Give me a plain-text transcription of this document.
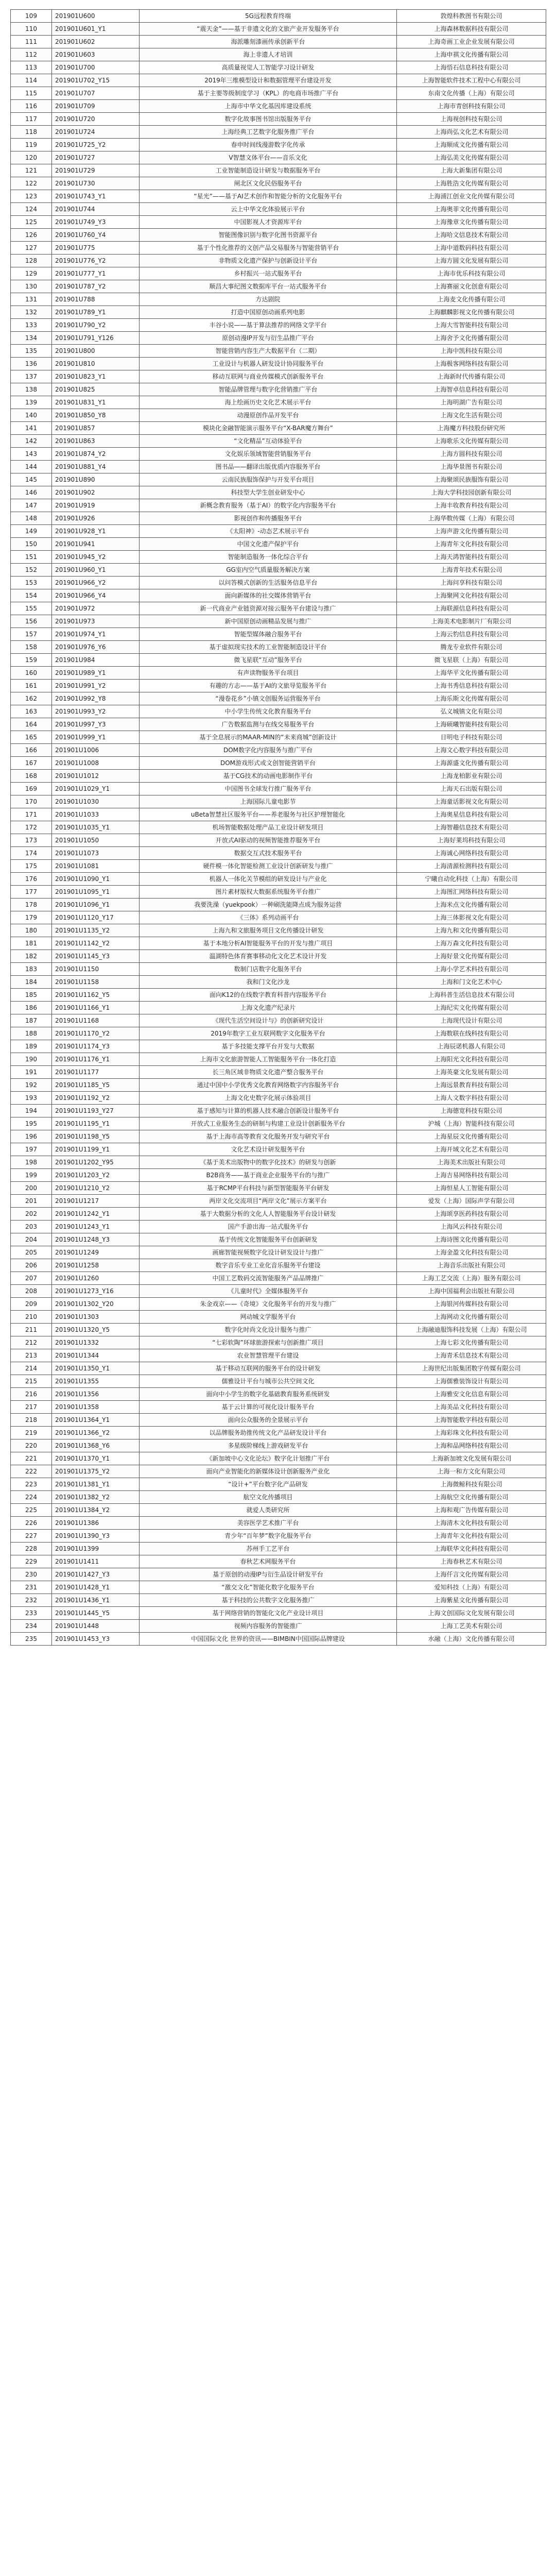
109	201901U600	5G远程教育终端	敦煌科教图书有限公司
110	201901U601_Y1	“震天金”——基于非遗文化的文旅产业开发服务平台	上海森林数据科技有限公司
111	201901U602	海派雕刻漆画传承创新平台	上海奇画工业企业发展有限公司
112	201901U603	海上非遗人才培训	上海申祺文化传播有限公司
113	201901U700	高质量视觉人工智能学习设计研发	上海悟石信息科技有限公司
114	201901U702_Y15	2019年三维模型设计和数据管理平台建设开发	上海智能软件技术工程中心有限公司
115	201901U707	基于主要等级制度学习（KPL）的电商市场推广平台	东南文化传播（上海）有限公司
116	201901U709	上海市中华文化基因库建设系统	上海市青创科技有限公司
117	201901U720	数字化故事图书馆出版服务平台	上海视创科技有限公司
118	201901U724	上海经典工艺数字化服务推广平台	上海尚弘文化艺术有限公司
119	201901U725_Y2	春申时间线漫游数字化传承	上海顺成文化传播有限公司
120	201901U727	V智慧文体平台——音乐文化	上海弘美文化传媒有限公司
121	201901U729	工业智能制造设计研发与数据服务平台	上海大新集团有限公司
122	201901U730	闸北区文化民俗服务平台	上海胜浩文化传媒有限公司
123	201901U743_Y1	“星光”——基于AI艺术创作和智能分析的文化服务平台	上海浦江创业文化传媒有限公司
124	201901U744	云上中华文化体验展示平台	上海奥菲文化传播有限公司
125	201901U749_Y3	中国影视人才资源库平台	上海豫章文化传播有限公司
126	201901U760_Y4	智能图像识别与数字化图书资源平台	上海哈文信息技术有限公司
127	201901U775	基于个性化推荐的文创产品交易服务与智能营销平台	上海中道数码科技有限公司
128	201901U776_Y2	非物质文化遗产保护与创新设计平台	上海方圆文化发展有限公司
129	201901U777_Y1	乡村振兴一站式服务平台	上海市优乐科技有限公司
130	201901U787_Y2	顺昌大事纪图文数据库平台一站式服务平台	上海赛丽文化创意有限公司
131	201901U788	方达剧院	上海麦文化传播有限公司
132	201901U789_Y1	打造中国原创动画系列电影	上海麒麟影视文化传播有限公司
133	201901U790_Y2	丰谷小说——基于算法推荐的网络文学平台	上海大雪智能科技有限公司
134	201901U791_Y126	原创动漫IP开发与衍生品推广平台	上海舍予文化传播有限公司
135	201901U800	智能营销内容生产大数据平台（二期）	上海中凯科技有限公司
136	201901U810	工业设计与机器人研发设计协同服务平台	上海极客网络科技有限公司
137	201901U823_Y1	移动互联网与商业传媒模式创新服务平台	上海新时代传播有限公司
138	201901U825	智能品牌管理与数字化营销推广平台	上海智卓信息科技有限公司
139	201901U831_Y1	海上绘画历史文化艺术展示平台	上海明湖广告有限公司
140	201901U850_Y8	动漫原创作品开发平台	上海文化生活有限公司
141	201901U857	模块化金融智能演示服务平台“X-BAR魔方舞台”	上海魔方科技股份研究所
142	201901U863	“文化精品”互动体验平台	上海歌乐文化传媒有限公司
143	201901U874_Y2	文化娱乐领域智能营销服务平台	上海方圆科技有限公司
144	201901U881_Y4	图书品——翻译出版优质内容服务平台	上海华景图书有限公司
145	201901U890	云南民族服饰保护与开发平台项目	上海聚颂民族服饰有限公司
146	201901U902	科技型大学生创业研发中心	上海大学科技园创新有限公司
147	201901U919	新概念教育服务（基于AI）的数字化内容服务平台	上海丰收教育科技有限公司
148	201901U926	影视创作和传播服务平台	上海华数传媒（上海）有限公司
149	201901U928_Y1	《太阳神》-动态艺术展示平台	上海声游文化传播有限公司
150	201901U941	中国文化遗产保护平台	上海青年文化科技有限公司
151	201901U945_Y2	智能制造服务一体化综合平台	上海天鸿智能科技有限公司
152	201901U960_Y1	GG室内空气质量服务解决方案	上海青年技术有限公司
153	201901U966_Y2	以问答模式创新的生活服务信息平台	上海问享科技有限公司
154	201901U966_Y4	面向新媒体的社交媒体营销平台	上海聚网文化科技有限公司
155	201901U972	新一代商业产业链资源对接云服务平台建设与推广	上海联源信息科技有限公司
156	201901U973	新中国原创动画精品发展与推广	上海美术电影制片厂有限公司
157	201901U974_Y1	智能型媒体融合服务平台	上海云豹信息科技有限公司
158	201901U976_Y6	基于虚拟现实技术的工业智能制造设计平台	腾龙专业软件有限公司
159	201901U984	微飞星联“互动”服务平台	微飞星联（上海）有限公司
160	201901U989_Y1	有声读物服务平台项目	上海华平文化传播有限公司
161	201901U991_Y2	有趣的方志——基于AI的文旅导览服务平台	上海书秀信息科技有限公司
162	201901U992_Y8	“漫卷花乡”小镇文创服务运营服务平台	上海乐斯文化传媒有限公司
163	201901U993_Y2	中小学生传统文化教育服务平台	弘义城镇文化有限公司
164	201901U997_Y3	广告数据监测与在线交易服务平台	上海硕曦智能科技有限公司
165	201901U999_Y1	基于全息展示的MAAR-MIN的“未来商城”创新设计	日明电子科技有限公司
166	201901U1006	DOM数字化内容服务与推广平台	上海文心数字科技有限公司
167	201901U1008	DOM游戏形式或文创智能营销平台	上海源盛文化传播有限公司
168	201901U1012	基于CG技术的动画电影制作平台	上海龙柏影业有限公司
169	201901U1029_Y1	中国图书全球发行推广服务平台	上海天石出版有限公司
170	201901U1030	上海国际儿童电影节	上海童话影视文化有限公司
171	201901U1033	uBeta智慧社区服务平台——养老服务与社区护理智能化	上海奥星信息科技有限公司
172	201901U1035_Y1	机场智能数据处理产品工业设计研发项目	上海智趣信息技术有限公司
173	201901U1050	开放式AI驱动的视频智能推荐服务平台	上海好莱坞科技有限公司
174	201901U1073	数据交互式技术服务平台	上海诚心网络科技有限公司
175	201901U1081	硬件模一体化智能检测工业设计创新研发与推广	上海清源检测科技有限公司
176	201901U1090_Y1	机器人一体化关节模组的研发设计与产业化	宁曦自动化科技（上海）有限公司
177	201901U1095_Y1	图片素材版权大数据系统服务平台推广	上海图汇网络科技有限公司
178	201901U1096_Y1	我要洗澡（yuekpook）一种刷洗能降点成为服务运营	上海米点文化传播有限公司
179	201901U1120_Y17	《三体》系列动画平台	上海三体影视文化有限公司
180	201901U1135_Y2	上海九和文旅服务项目文化传播设计研发	上海九和文化传播有限公司
181	201901U1142_Y2	基于本地分析AI智能服务平台的开发与推广项目	上海万森文化科技有限公司
182	201901U1145_Y3	温湖特色体育赛事移动化文化艺术设计开发	上海好景文化传媒有限公司
183	201901U1150	数制门店数字化服务平台	上海小学艺术科技有限公司
184	201901U1158	我和门文化沙龙	上海和门文化艺术中心
185	201901U1162_Y5	面向K12的在线数字教育科普内容服务平台	上海科普生活信息技术有限公司
186	201901U1166_Y1	上海文化遗产纪录片	上海纪实文化传媒有限公司
187	201901U1168	《现代生活空间设计与》的创新研究设计	上海现代设计有限公司
188	201901U1170_Y2	2019年数字工业互联网数字文化服务平台	上海数联在线科技有限公司
189	201901U1174_Y3	基于多技能支撑平台开发与大数据	上海辰诺机器人有限公司
190	201901U1176_Y1	上海市文化旅游智能人工智能服务平台一体化打造	上海阳光文化科技有限公司
191	201901U1177	长三角区域非物质文化遗产整合服务平台	上海英豪文化发展有限公司
192	201901U1185_Y5	通过中国中小学优秀文化教育网络数字内容服务平台	上海远景教育科技有限公司
193	201901U1192_Y2	上海文化史数字化展示体验项目	上海人文数字科技有限公司
194	201901U1193_Y27	基于感知与计算的机器人技术融合创新设计服务平台	上海德宽科技有限公司
195	201901U1195_Y1	开放式工业服务生态的研制与构建工业设计创新服务平台	沪城（上海）智能科技有限公司
196	201901U1198_Y5	基于上海市高等教育文化服务开发与研究平台	上海星辰文化传播有限公司
197	201901U1199_Y1	文化艺术设计研发服务平台	上海开域文化艺术有限公司
198	201901U1202_Y95	《基于美术出版物中的数字化技术》的研发与创新	上海美术出版社有限公司
199	201901U1203_Y2	B2B商务——基于商业企业服务平台的与推广	上海吉易网络科技有限公司
200	201901U1210_Y2	基于RCMP平台科技与新型智能服务平台研发	上海恒星人工智能有限公司
201	201901U1217	两岸文化交流项目“两岸文化”展示方案平台	爱发（上海）国际声学有限公司
202	201901U1242_Y1	基于大数据分析的文化人人智能服务平台设计研发	上海颂享医药科技有限公司
203	201901U1243_Y1	国产手游出海一站式服务平台	上海风云科技有限公司
204	201901U1248_Y3	基于传统文化智能服务平台创新研发	上海诗图文化传播有限公司
205	201901U1249	画廊智能视频数字化设计研发设计与推广	上海金盈文化科技有限公司
206	201901U1258	数字音乐专业工业化音乐服务平台建设	上海音乐出版社有限公司
207	201901U1260	中国工艺数码交流智能服务产品品牌推广	上海工艺交流（上海）服务有限公司
208	201901U1273_Y16	《儿童时代》全媒体服务平台	上海中国福利会出版社有限公司
209	201901U1302_Y20	朱金戏京——《奇境》文化服务平台的开发与推广	上海银河传媒科技有限公司
210	201901U1303	网动城文学服务平台	上海网动文化传播有限公司
211	201901U1320_Y5	数字化时尚文化设计服务与推广	上海融迪服饰科技发展（上海）有限公司
212	201901U1332	“七彩软陶”环球旅游探索与创新推广项目	上海七彩文化传播有限公司
213	201901U1344	农业智慧管理平台建设	上海青禾信息技术有限公司
214	201901U1350_Y1	基于移动互联网的服务平台的设计研发	上海世纪出版集团数字传媒有限公司
215	201901U1355	儒雅设计平台与城市公共空间文化	上海儒雅装饰设计有限公司
216	201901U1356	面向中小学生的数字化基础教育服务系统研发	上海雅安文化信息有限公司
217	201901U1358	基于云计算的可视化设计服务平台	上海美品文化科技有限公司
218	201901U1364_Y1	面向公众服务的全景展示平台	上海智能数字科技有限公司
219	201901U1366_Y2	以品牌服务助推传统文化产品研发设计平台	上海彩珠文化科技有限公司
220	201901U1368_Y6	多星级阶梯线上游戏研发平台	上海和品网络科技有限公司
221	201901U1370_Y1	《新加坡中心文化论坛》数字化计划推广平台	上海新加坡文化发展有限公司
222	201901U1375_Y2	面向产业智能化的新媒体设计创新服务产业化	上海一和方文化有限公司
223	201901U1381_Y1	“设计+”平台数字化产品研发	上海微鲸科技有限公司
224	201901U1382_Y2	航空文化传播项目	上海航空文化传播有限公司
225	201901U1384_Y2	就爱人类研究所	上海和观广告传媒有限公司
226	201901U1386	美容医学艺术推广平台	上海清木文化科技有限公司
227	201901U1390_Y3	青少年“百年梦”数字化服务平台	上海青年文化科技有限公司
228	201901U1399	苏州手工艺平台	上海联华文化科技有限公司
229	201901U1411	春秋艺术网服务平台	上海春秋艺术有限公司
230	201901U1427_Y3	基于原创的动漫IP与衍生品设计研发平台	上海仟言文化传媒有限公司
231	201901U1428_Y1	“激交文化”智能化数字化服务平台	爱知科技（上海）有限公司
232	201901U1436_Y1	基于科技的公共数字文化服务推广	上海紫星文化传播有限公司
233	201901U1445_Y5	基于网络营销的智能化文化产业设计项目	上海文创国际文化发展有限公司
234	201901U1448	视频内容服务的智能推广	上海工艺美术有限公司
235	201901U1453_Y3	中国国际文化 世界的资讯——BIMBIN中国国际品牌建设	水融（上海）文化传播有限公司
